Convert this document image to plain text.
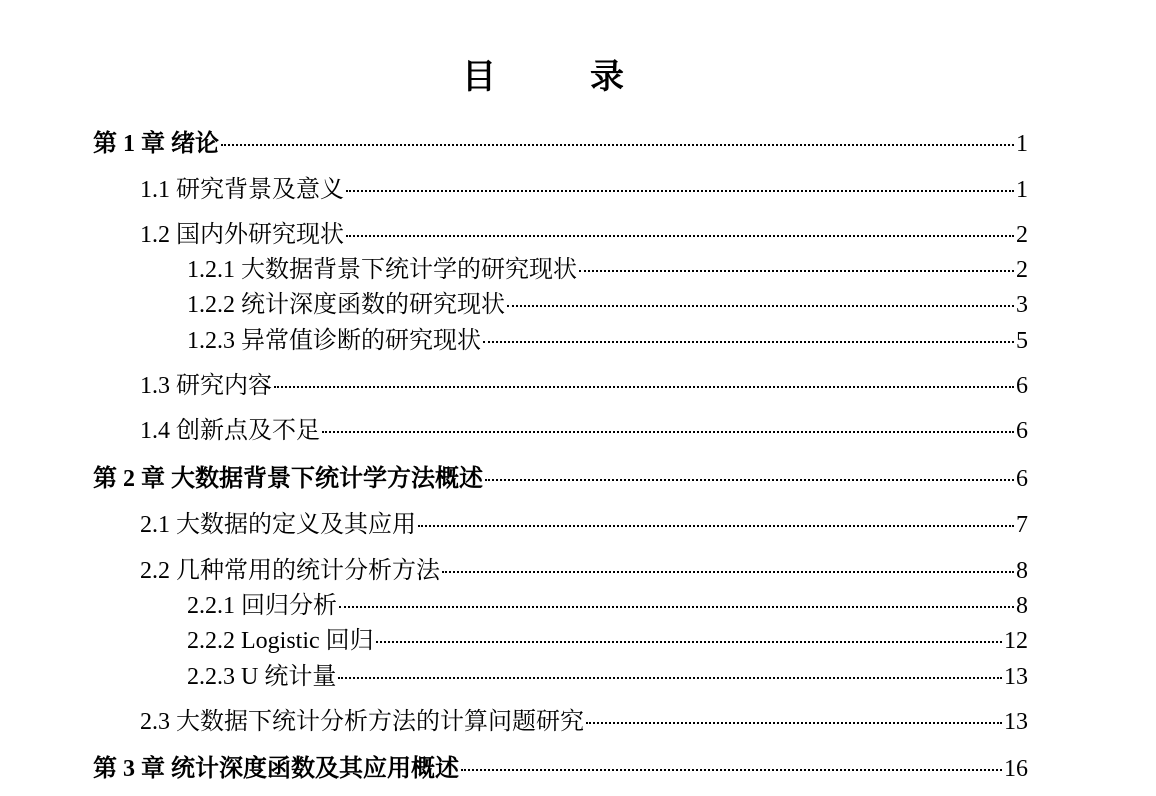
目　录
第 1 章 绪论	1
1.1 研究背景及意义	1
1.2 国内外研究现状	2
1.2.1 大数据背景下统计学的研究现状	2
1.2.2 统计深度函数的研究现状	3
1.2.3 异常值诊断的研究现状	5
1.3 研究内容	6
1.4 创新点及不足	6
第 2 章 大数据背景下统计学方法概述	6
2.1 大数据的定义及其应用	7
2.2 几种常用的统计分析方法	8
2.2.1 回归分析	8
2.2.2 Logistic 回归	12
2.2.3 U 统计量	13
2.3 大数据下统计分析方法的计算问题研究	13
第 3 章 统计深度函数及其应用概述	16
